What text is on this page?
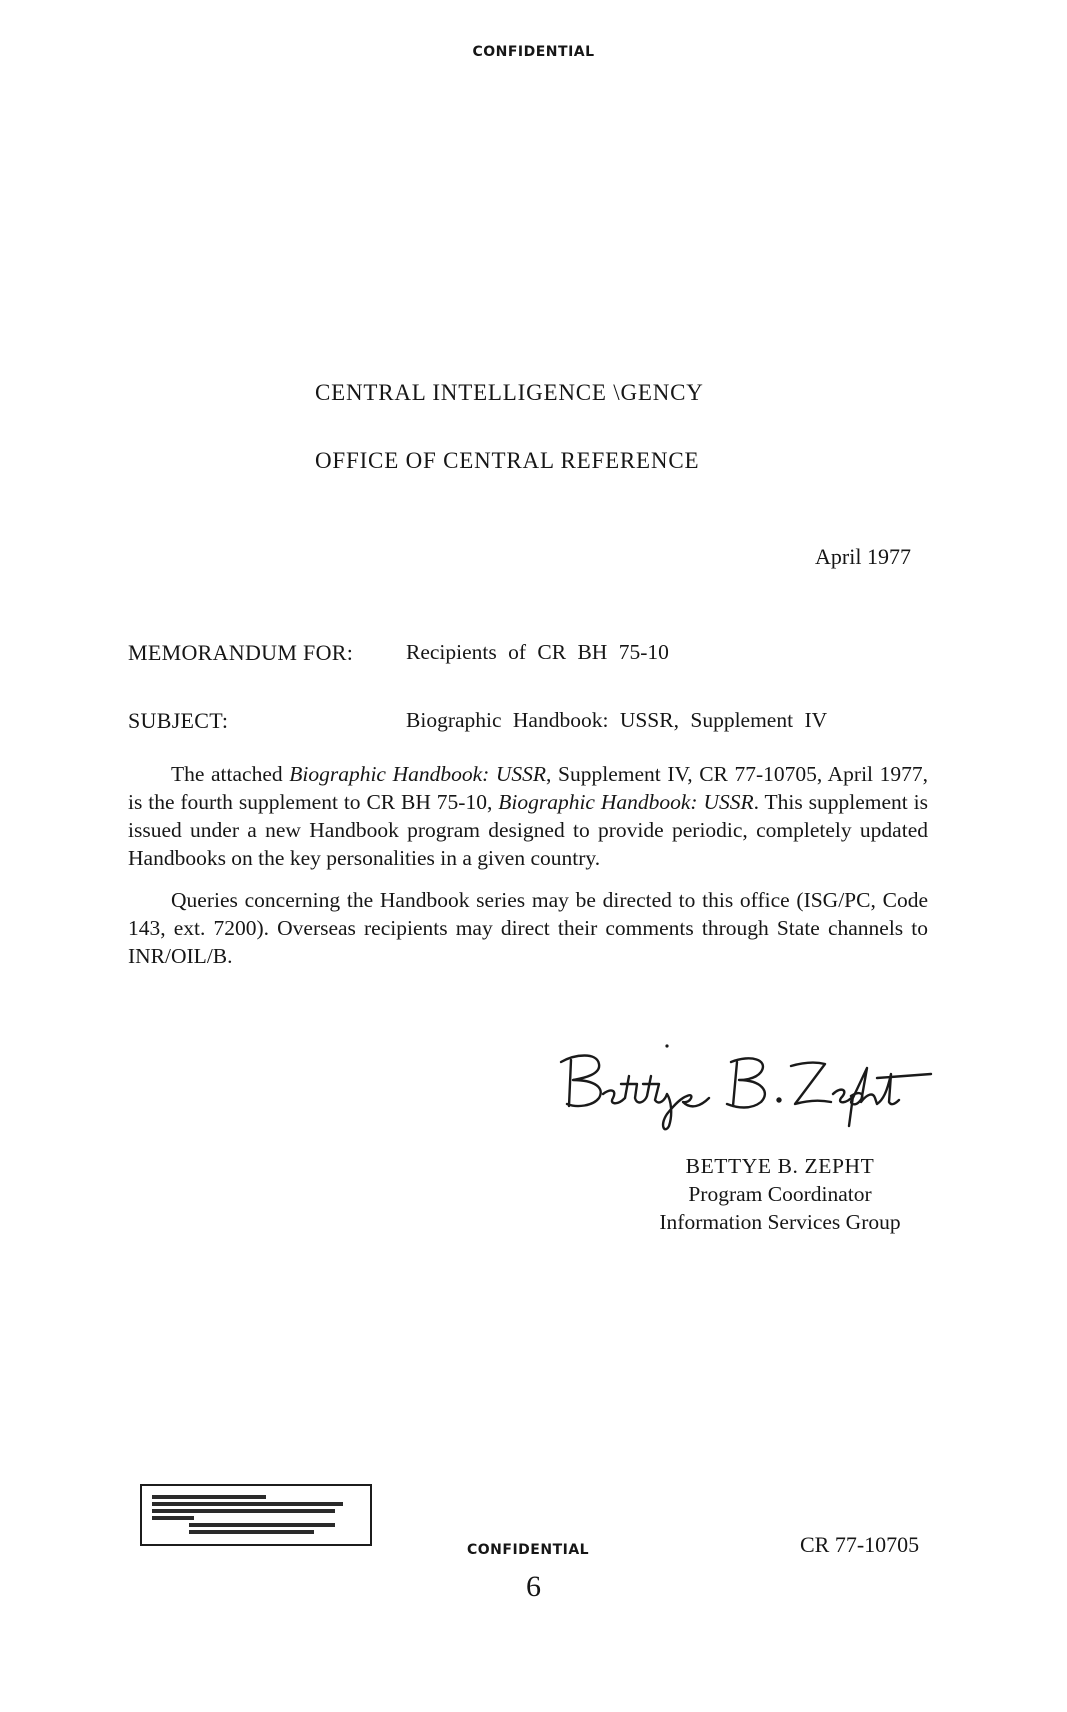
CONFIDENTIAL
CENTRAL INTELLIGENCE \GENCY
OFFICE OF CENTRAL REFERENCE
April 1977
MEMORANDUM FOR: Recipients of CR BH 75-10
SUBJECT:	Biographic Handbook: USSR, Supplement IV

The attached Biographic Handbook: USSR, Supplement IV, CR 77-10705, April 1977, is the fourth supplement to CR BH 75-10, Biographic Handbook: USSR. This supplement is issued under a new Handbook program designed to provide periodic, completely updated Handbooks on the key personalities in a given country.

Queries concerning the Handbook series may be directed to this office (ISG/PC, Code 143, ext. 7200). Overseas recipients may direct their comments through State channels to INR/OIL/B.

BETTYE B. ZEPHT
Program Coordinator
Information Services Group
CONFIDENTIAL	CR 77-10705
6
